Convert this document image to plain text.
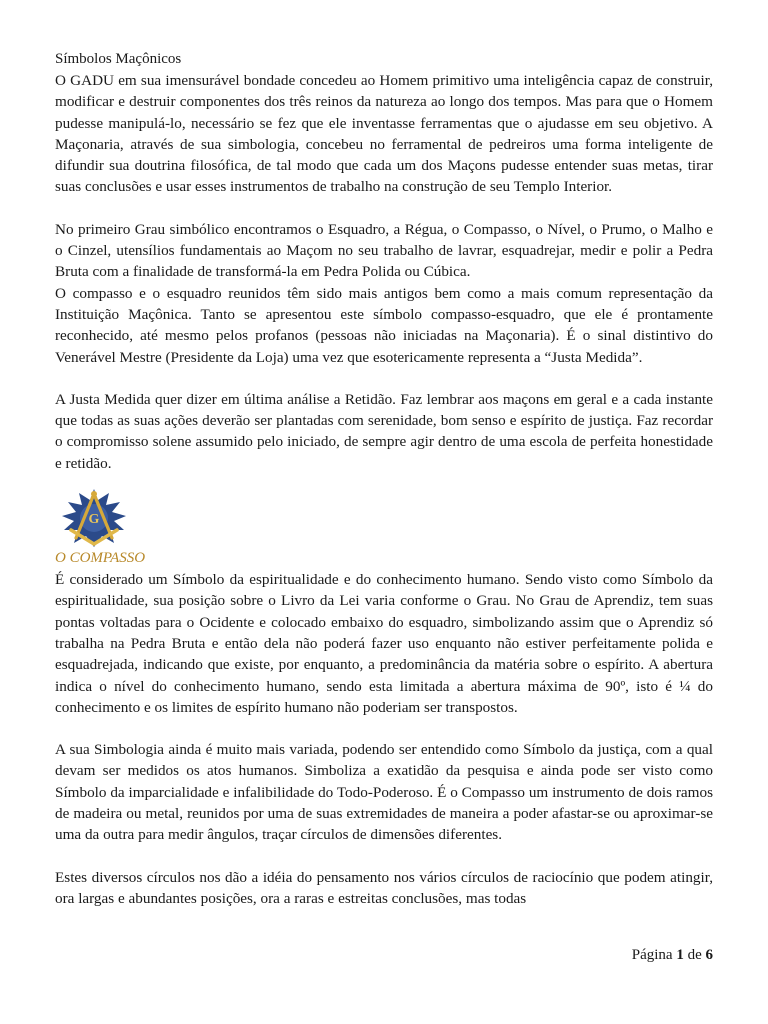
Símbolos Maçônicos

O GADU em sua imensurável bondade concedeu ao Homem primitivo uma inteligência capaz de construir, modificar e destruir componentes dos três reinos da natureza ao longo dos tempos. Mas para que o Homem pudesse manipulá-lo, necessário se fez que ele inventasse ferramentas que o ajudasse em seu objetivo. A Maçonaria, através de sua simbologia, concebeu no ferramental de pedreiros uma forma inteligente de difundir sua doutrina filosófica, de tal modo que cada um dos Maçons pudesse entender suas metas, tirar suas conclusões e usar esses instrumentos de trabalho na construção de seu Templo Interior.

No primeiro Grau simbólico encontramos o Esquadro, a Régua, o Compasso, o Nível, o Prumo, o Malho e o Cinzel, utensílios fundamentais ao Maçom no seu trabalho de lavrar, esquadrejar, medir e polir a Pedra Bruta com a finalidade de transformá-la em Pedra Polida ou Cúbica.

O compasso e o esquadro reunidos têm sido mais antigos bem como a mais comum representação da Instituição Maçônica. Tanto se apresentou este símbolo compasso-esquadro, que ele é prontamente reconhecido, até mesmo pelos profanos (pessoas não iniciadas na Maçonaria). É o sinal distintivo do Venerável Mestre (Presidente da Loja) uma vez que esotericamente representa a “Justa Medida”.

A Justa Medida quer dizer em última análise a Retidão. Faz lembrar aos maçons em geral e a cada instante que todas as suas ações deverão ser plantadas com serenidade, bom senso e espírito de justiça. Faz recordar o compromisso solene assumido pelo iniciado, de sempre agir dentro de uma escola de perfeita honestidade e retidão.

G
O COMPASSO

É considerado um Símbolo da espiritualidade e do conhecimento humano. Sendo visto como Símbolo da espiritualidade, sua posição sobre o Livro da Lei varia conforme o Grau. No Grau de Aprendiz, tem suas pontas voltadas para o Ocidente e colocado embaixo do esquadro, simbolizando assim que o Aprendiz só trabalha na Pedra Bruta e então dela não poderá fazer uso enquanto não estiver perfeitamente polida e esquadrejada, indicando que existe, por enquanto, a predominância da matéria sobre o espírito. A abertura indica o nível do conhecimento humano, sendo esta limitada a abertura máxima de 90º, isto é ¼ do conhecimento e os limites de espírito humano não poderiam ser transpostos.

A sua Simbologia ainda é muito mais variada, podendo ser entendido como Símbolo da justiça, com a qual devam ser medidos os atos humanos. Simboliza a exatidão da pesquisa e ainda pode ser visto como Símbolo da imparcialidade e infalibilidade do Todo-Poderoso. É o Compasso um instrumento de dois ramos de madeira ou metal, reunidos por uma de suas extremidades de maneira a poder afastar-se ou aproximar-se uma da outra para medir ângulos, traçar círculos de dimensões diferentes.

Estes diversos círculos nos dão a idéia do pensamento nos vários círculos de raciocínio que podem atingir, ora largas e abundantes posições, ora a raras e estreitas conclusões, mas todas

Página 1 de 6
